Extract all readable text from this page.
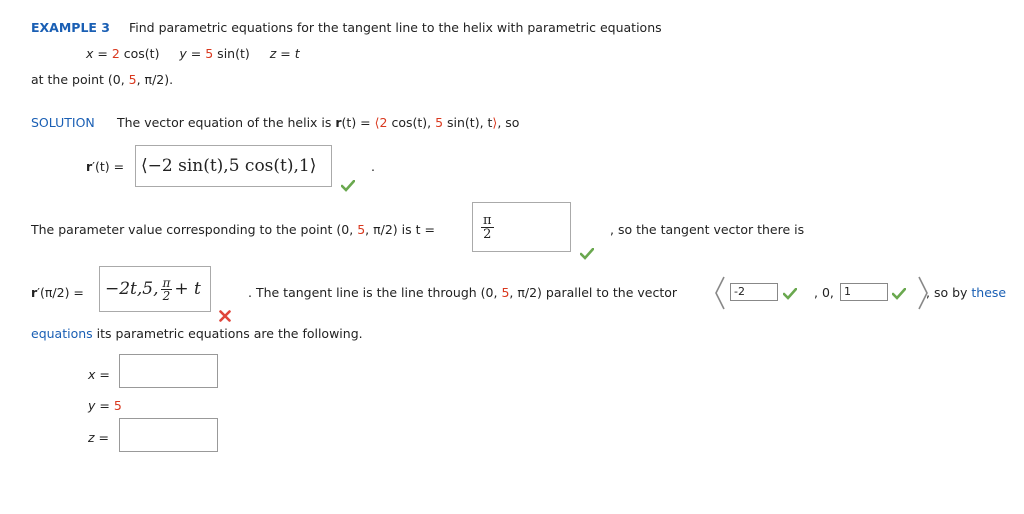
EXAMPLE 3 Find parametric equations for the tangent line to the helix with parametric equations
x = 2 cos(t) y = 5 sin(t) z = t
at the point (0, 5, π/2).
SOLUTION The vector equation of the helix is r(t) = ⟨2 cos(t), 5 sin(t), t⟩, so
r′(t) = ⟨−2 sin(t),5 cos(t),1⟩	.
The parameter value corresponding to the point (0, 5, π/2) is t =	$\frac{\pi}{2}$	, so the tangent vector there is
r′(π/2) = −2t,5, $\frac{\pi}{2} + t$	. The tangent line is the line through (0, 5, π/2) parallel to the vector	-2	, 0, 1	, so by these
equations its parametric equations are the following.
x =
y = 5
z =
